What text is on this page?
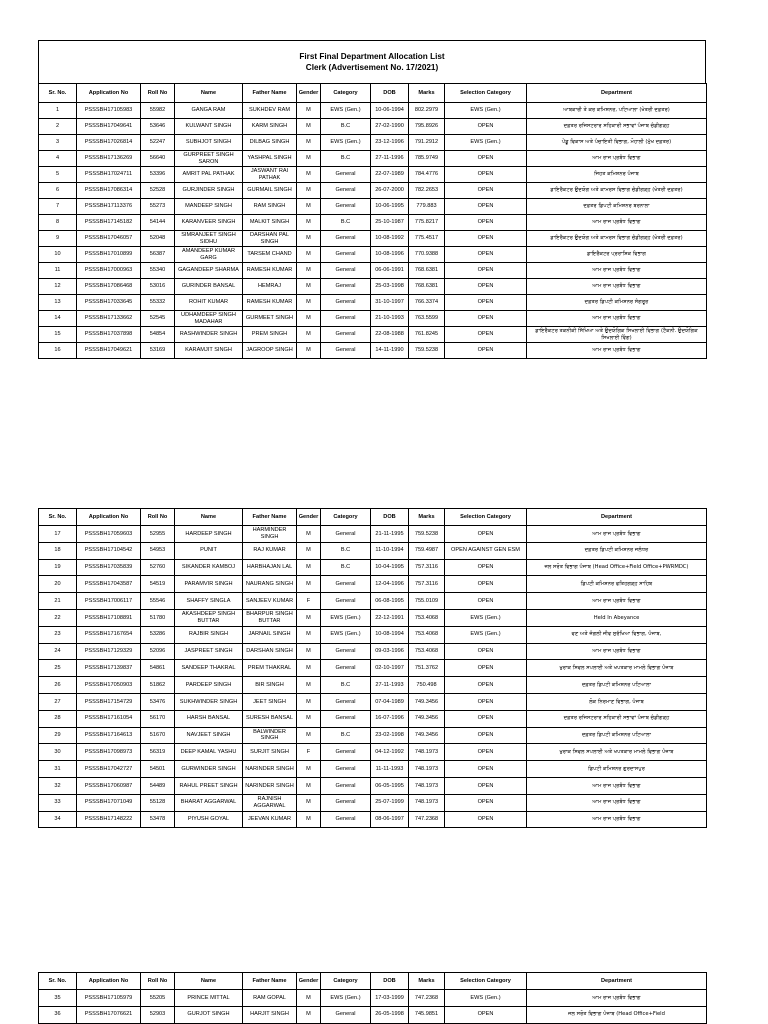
First Final Department Allocation List
Clerk (Advertisement No. 17/2021)
Sr. No.	Application No	Roll No	Name	Father Name	Gender	Category	DOB	Marks	Selection Category	Department
1	PSSSBH17105983	55982	GANGA RAM	SUKHDEV RAM	M	EWS (Gen.)	10-06-1994	802.2979	EWS (Gen.)	ਆਬਕਾਰੀ ਤੇ ਕਰ ਕਮਿਸ਼ਨਰ, ਪਟਿਆਲਾ (ਖੇਤਰੀ ਦਫ਼ਤਰ)
2	PSSSBH17049641	53646	KULWANT SINGH	KARM SINGH	M	B.C	27-02-1990	795.8926	OPEN	ਦਫ਼ਤਰ ਰਜਿਸਟਰਾਰ ਸਹਿਕਾਰੀ ਸਭਾਵਾਂ ਪੰਜਾਬ ਚੰਡੀਗੜ੍ਹ
3	PSSSBH17026814	52247	SUBHJOT SINGH	DILBAG SINGH	M	EWS (Gen.)	23-12-1996	791.2912	EWS (Gen.)	ਪੇਂਡੂ ਵਿਕਾਸ ਅਤੇ ਪੰਚਾਇਤੀ ਵਿਭਾਗ, ਮੋਹਾਲੀ (ਮੁੱਖ ਦਫ਼ਤਰ)
4	PSSSBH17136269	56640	GURPREET SINGH SARON	YASHPAL SINGH	M	B.C	27-11-1996	785.9749	OPEN	ਆਮ ਰਾਜ ਪ੍ਰਬੰਧ ਵਿਭਾਗ
5	PSSSBH17024711	53396	AMRIT PAL PATHAK	JASWANT RAI PATHAK	M	General	22-07-1989	784.4776	OPEN	ਜਿਹਤ ਕਮਿਸ਼ਨਰ ਪੰਜਾਬ
6	PSSSBH17086314	52528	GURJINDER SINGH	GURMAIL SINGH	M	General	26-07-2000	782.2653	OPEN	ਡਾਇਰੈਕਟਰ ਉਦਯੋਗ ਅਤੇ ਕਾਮਰਸ ਵਿਭਾਗ ਚੰਡੀਗੜ੍ਹ (ਖੇਤਰੀ ਦਫ਼ਤਰ)
7	PSSSBH17113376	55273	MANDEEP SINGH	RAM SINGH	M	General	10-06-1995	779.883	OPEN	ਦਫ਼ਤਰ ਡਿਪਟੀ ਕਮਿਸ਼ਨਰ ਬਰਨਾਲਾ
8	PSSSBH17145182	54144	KARANVEER SINGH	MALKIT SINGH	M	B.C	25-10-1987	775.8217	OPEN	ਆਮ ਰਾਜ ਪ੍ਰਬੰਧ ਵਿਭਾਗ
9	PSSSBH17046057	52048	SIMRANJEET SINGH SIDHU	DARSHAN PAL SINGH	M	General	10-08-1992	775.4517	OPEN	ਡਾਇਰੈਕਟਰ ਉਦਯੋਗ ਅਤੇ ਕਾਮਰਸ ਵਿਭਾਗ ਚੰਡੀਗੜ੍ਹ (ਖੇਤਰੀ ਦਫ਼ਤਰ)
10	PSSSBH17010899	56387	AMANDEEP KUMAR GARG	TARSEM CHAND	M	General	10-08-1996	770.9388	OPEN	ਡਾਇਰੈਕਟਰ ਪ੍ਰਰਾਸ਼ਿਕ ਵਿਭਾਗ
11	PSSSBH17000963	55340	GAGANDEEP SHARMA	RAMESH KUMAR	M	General	06-06-1991	768.6381	OPEN	ਆਮ ਰਾਜ ਪ੍ਰਬੰਧ ਵਿਭਾਗ
12	PSSSBH17086468	53016	GURINDER BANSAL	HEMRAJ	M	General	25-03-1998	768.6381	OPEN	ਆਮ ਰਾਜ ਪ੍ਰਬੰਧ ਵਿਭਾਗ
13	PSSSBH17033645	55332	ROHIT KUMAR	RAMESH KUMAR	M	General	31-10-1997	766.3374	OPEN	ਦਫ਼ਤਰ ਡਿਪਟੀ ਕਮਿਸ਼ਨਰ ਸੰਗਰੂਰ
14	PSSSBH17133662	52545	UDHAMDEEP SINGH MADAHAR	GURMEET SINGH	M	General	21-10-1993	763.5599	OPEN	ਆਮ ਰਾਜ ਪ੍ਰਬੰਧ ਵਿਭਾਗ
15	PSSSBH17037898	54854	RASHWINDER SINGH	PREM SINGH	M	General	22-08-1988	761.8245	OPEN	ਡਾਇਰੈਕਟਰ ਤਕਨੀਕੀ ਸਿੱਖਿਆ ਅਤੇ ਉਦਯੋਗਿਕ ਸਿਖਲਾਈ ਵਿਭਾਗ (ਟੈਕਨੀ. ਉਦਯੋਗਿਕ ਸਿਖਲਾਈ ਵਿੰਗ)
16	PSSSBH17049621	53169	KARAMJIT SINGH	JAGROOP SINGH	M	General	14-11-1990	759.5238	OPEN	ਆਮ ਰਾਜ ਪ੍ਰਬੰਧ ਵਿਭਾਗ
Sr. No.	Application No	Roll No	Name	Father Name	Gender	Category	DOB	Marks	Selection Category	Department
17	PSSSBH17059603	52955	HARDEEP SINGH	HARMINDER SINGH	M	General	21-11-1995	759.5238	OPEN	ਆਮ ਰਾਜ ਪ੍ਰਬੰਧ ਵਿਭਾਗ
18	PSSSBH17104542	54953	PUNIT	RAJ KUMAR	M	B.C	11-10-1994	759.4987	OPEN AGAINST GEN ESM	ਦਫ਼ਤਰ ਡਿਪਟੀ ਕਮਿਸ਼ਨਰ ਜਲੰਧਰ
19	PSSSBH17035839	52760	SIKANDER KAMBOJ	HARBHAJAN LAL	M	B.C	10-04-1995	757.3116	OPEN	ਜਲ ਸਰੋਤ ਵਿਭਾਗ ਪੰਜਾਬ (Head Office+Field Office+PWRMDC)
20	PSSSBH17043587	54519	PARAMVIR SINGH	NAURANG SINGH	M	General	12-04-1996	757.3116	OPEN	ਡਿਪਟੀ ਕਮਿਸ਼ਨਰ ਫਤਿਹਗੜ੍ਹ ਸਾਹਿਬ
21	PSSSBH17006117	55546	SHAFFY SINGLA	SANJEEV KUMAR	F	General	06-08-1995	755.0109	OPEN	ਆਮ ਰਾਜ ਪ੍ਰਬੰਧ ਵਿਭਾਗ
22	PSSSBH17108891	51780	AKASHDEEP SINGH BUTTAR	BHARPUR SINGH BUTTAR	M	EWS (Gen.)	22-12-1991	753.4068	EWS (Gen.)	Held In Abeyance
23	PSSSBH17167654	53286	RAJBIR SINGH	JARNAIL SINGH	M	EWS (Gen.)	10-08-1994	753.4068	EWS (Gen.)	ਵਣ ਅਤੇ ਜੰਗਲੀ ਜੀਵ ਸੁਰੱਖਿਆ ਵਿਭਾਗ, ਪੰਜਾਬ,
24	PSSSBH17129329	52096	JASPREET SINGH	DARSHAN SINGH	M	General	09-03-1996	753.4068	OPEN	ਆਮ ਰਾਜ ਪ੍ਰਬੰਧ ਵਿਭਾਗ
25	PSSSBH17139837	54861	SANDEEP THAKRAL	PREM THAKRAL	M	General	02-10-1997	751.3762	OPEN	ਖੁਰਾਕ ਸਿਵਲ ਸਪਲਾਈ ਅਤੇ ਖਪਤਕਾਰ ਮਾਮਲੇ ਵਿਭਾਗ ਪੰਜਾਬ
26	PSSSBH17050903	51862	PARDEEP SINGH	BIR SINGH	M	B.C	27-11-1993	750.498	OPEN	ਦਫ਼ਤਰ ਡਿਪਟੀ ਕਮਿਸ਼ਨਰ ਪਟਿਆਲਾ
27	PSSSBH17154729	53476	SUKHWINDER SINGH	JEET SINGH	M	General	07-04-1989	749.3456	OPEN	ਲੋਕ ਨਿਰਮਾਣ ਵਿਭਾਗ, ਪੰਜਾਬ
28	PSSSBH17161054	56170	HARSH BANSAL	SURESH BANSAL	M	General	16-07-1996	749.3456	OPEN	ਦਫ਼ਤਰ ਰਜਿਸਟਰਾਰ ਸਹਿਕਾਰੀ ਸਭਾਵਾਂ ਪੰਜਾਬ ਚੰਡੀਗੜ੍ਹ
29	PSSSBH17164613	51670	NAVJEET SINGH	BALWINDER SINGH	M	B.C	23-02-1998	749.3456	OPEN	ਦਫ਼ਤਰ ਡਿਪਟੀ ਕਮਿਸ਼ਨਰ ਪਟਿਆਲਾ
30	PSSSBH17098973	56319	DEEP KAMAL YASHU	SURJIT SINGH	F	General	04-12-1992	748.1973	OPEN	ਖੁਰਾਕ ਸਿਵਲ ਸਪਲਾਈ ਅਤੇ ਖਪਤਕਾਰ ਮਾਮਲੇ ਵਿਭਾਗ ਪੰਜਾਬ
31	PSSSBH17042727	54501	GURWINDER SINGH	NARINDER SINGH	M	General	11-11-1993	748.1973	OPEN	ਡਿਪਟੀ ਕਮਿਸ਼ਨਰ ਗੁਰਦਾਸਪੁਰ
32	PSSSBH17060987	54489	RAHUL PREET SINGH	NARINDER SINGH	M	General	06-05-1995	748.1973	OPEN	ਆਮ ਰਾਜ ਪ੍ਰਬੰਧ ਵਿਭਾਗ
33	PSSSBH17071049	55128	BHARAT AGGARWAL	RAJNISH AGGARWAL	M	General	25-07-1999	748.1973	OPEN	ਆਮ ਰਾਜ ਪ੍ਰਬੰਧ ਵਿਭਾਗ
34	PSSSBH17148222	53478	PIYUSH GOYAL	JEEVAN KUMAR	M	General	08-06-1997	747.2368	OPEN	ਆਮ ਰਾਜ ਪ੍ਰਬੰਧ ਵਿਭਾਗ
Sr. No.	Application No	Roll No	Name	Father Name	Gender	Category	DOB	Marks	Selection Category	Department
35	PSSSBH17105979	55205	PRINCE MITTAL	RAM GOPAL	M	EWS (Gen.)	17-03-1999	747.2368	EWS (Gen.)	ਆਮ ਰਾਜ ਪ੍ਰਬੰਧ ਵਿਭਾਗ
36	PSSSBH17076621	52903	GURJOT SINGH	HARJIT SINGH	M	General	26-05-1998	745.9851	OPEN	ਜਲ ਸਰੋਤ ਵਿਭਾਗ ਪੰਜਾਬ (Head Office+Field
